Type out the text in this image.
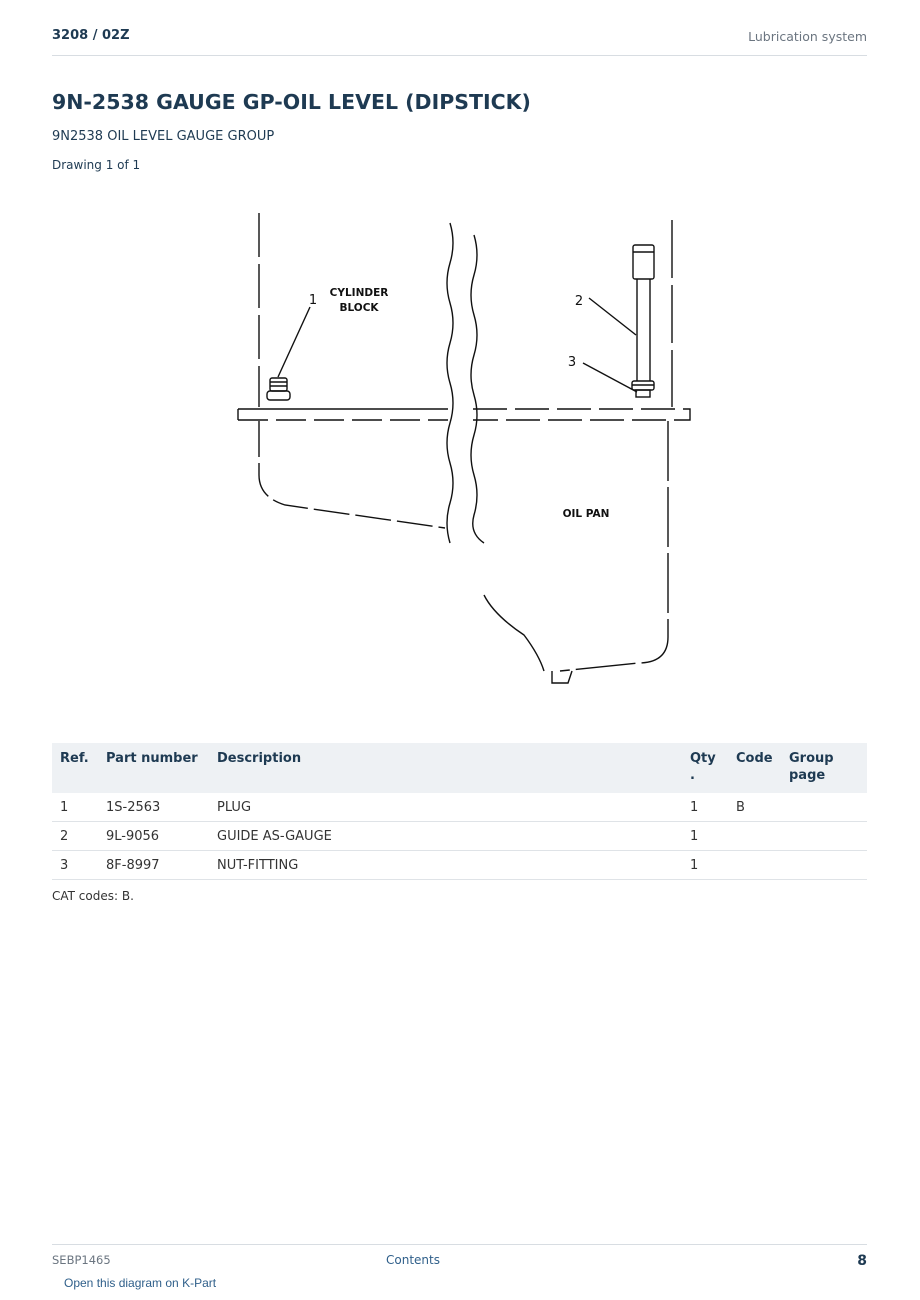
3208 / 02Z	Lubrication system
9N-2538 GAUGE GP-OIL LEVEL (DIPSTICK)
9N2538 OIL LEVEL GAUGE GROUP
Drawing 1 of 1
CYLINDER
BLOCK
OIL PAN
1	2
3
Ref.	Part number	Description	Qty .	Code	Group page
1	1S-2563	PLUG	1	B	
2	9L-9056	GUIDE AS-GAUGE	1		
3	8F-8997	NUT-FITTING	1		
CAT codes: B.
SEBP1465	Contents	8
Open this diagram on K-Part
